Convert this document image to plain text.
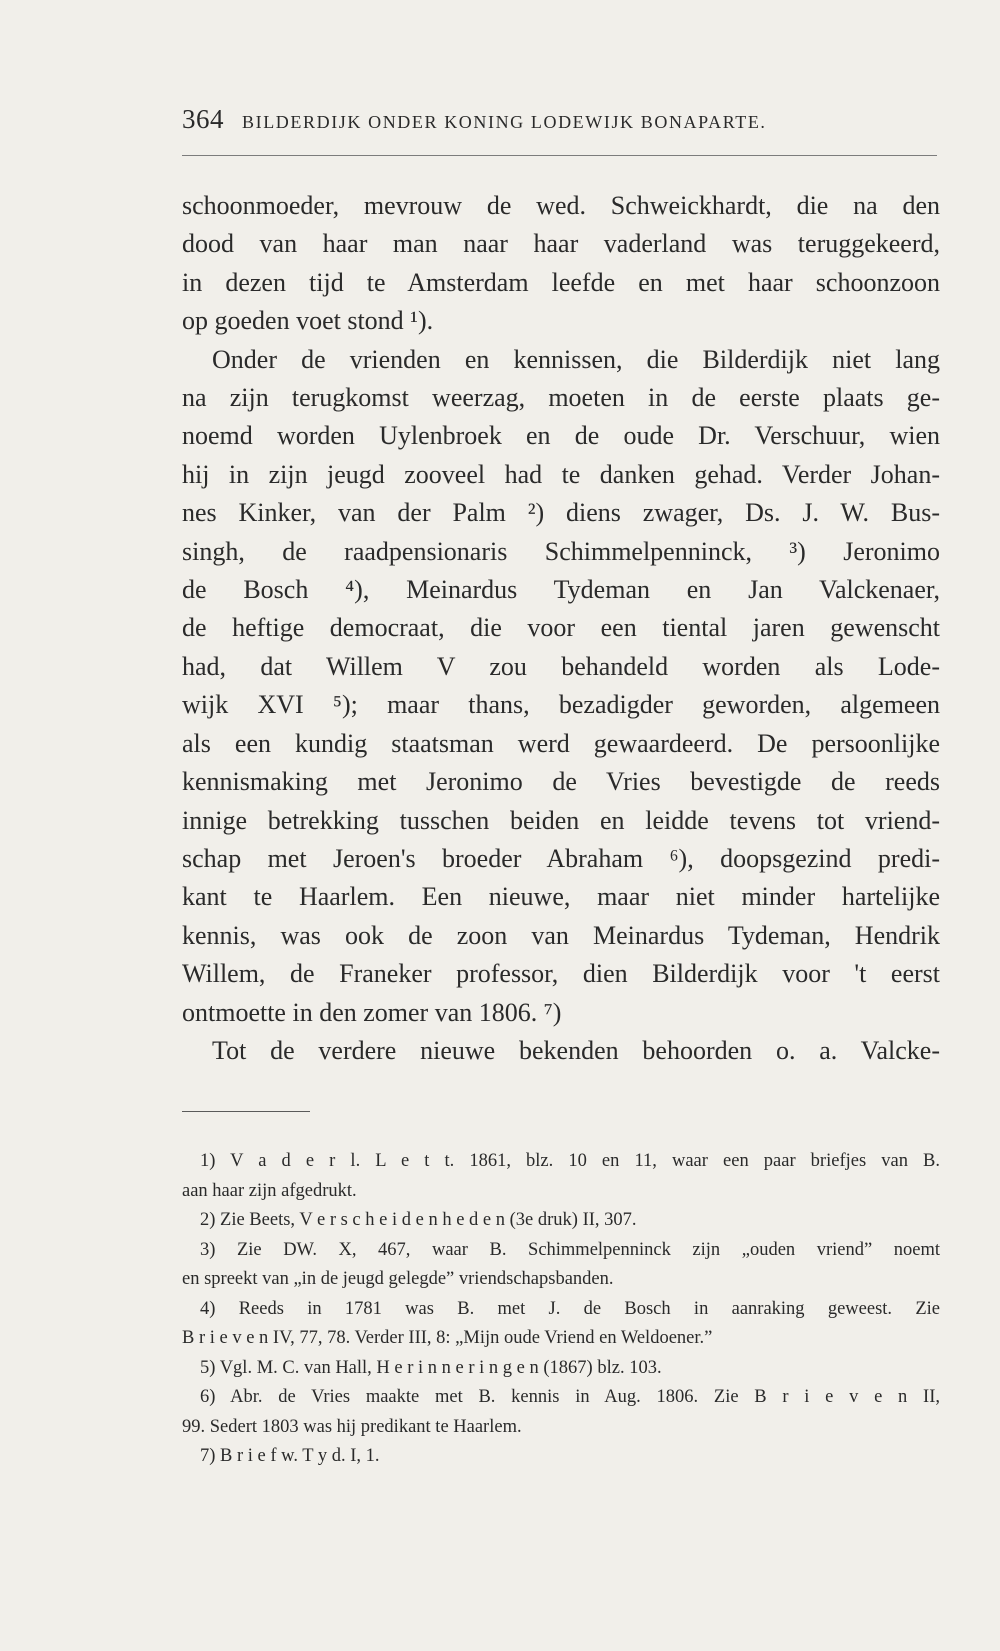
364 BILDERDIJK ONDER KONING LODEWIJK BONAPARTE.

schoonmoeder, mevrouw de wed. Schweickhardt, die na den

dood van haar man naar haar vaderland was teruggekeerd,

in dezen tijd te Amsterdam leefde en met haar schoonzoon

op goeden voet stond ¹).

Onder de vrienden en kennissen, die Bilderdijk niet lang

na zijn terugkomst weerzag, moeten in de eerste plaats ge-

noemd worden Uylenbroek en de oude Dr. Verschuur, wien

hij in zijn jeugd zooveel had te danken gehad. Verder Johan-

nes Kinker, van der Palm ²) diens zwager, Ds. J. W. Bus-

singh, de raadpensionaris Schimmelpenninck, ³) Jeronimo

de Bosch ⁴), Meinardus Tydeman en Jan Valckenaer,

de heftige democraat, die voor een tiental jaren gewenscht

had, dat Willem V zou behandeld worden als Lode-

wijk XVI ⁵); maar thans, bezadigder geworden, algemeen

als een kundig staatsman werd gewaardeerd. De persoonlijke

kennismaking met Jeronimo de Vries bevestigde de reeds

innige betrekking tusschen beiden en leidde tevens tot vriend-

schap met Jeroen's broeder Abraham ⁶), doopsgezind predi-

kant te Haarlem. Een nieuwe, maar niet minder hartelijke

kennis, was ook de zoon van Meinardus Tydeman, Hendrik

Willem, de Franeker professor, dien Bilderdijk voor 't eerst

ontmoette in den zomer van 1806. ⁷)

Tot de verdere nieuwe bekenden behoorden o. a. Valcke-

1) V a d e r l. L e t t. 1861, blz. 10 en 11, waar een paar briefjes van B.

aan haar zijn afgedrukt.

2) Zie Beets, V e r s c h e i d e n h e d e n (3e druk) II, 307.

3) Zie DW. X, 467, waar B. Schimmelpenninck zijn „ouden vriend” noemt

en spreekt van „in de jeugd gelegde” vriendschapsbanden.

4) Reeds in 1781 was B. met J. de Bosch in aanraking geweest. Zie

B r i e v e n IV, 77, 78. Verder III, 8: „Mijn oude Vriend en Weldoener.”

5) Vgl. M. C. van Hall, H e r i n n e r i n g e n (1867) blz. 103.

6) Abr. de Vries maakte met B. kennis in Aug. 1806. Zie B r i e v e n II,

99. Sedert 1803 was hij predikant te Haarlem.

7) B r i e f w. T y d. I, 1.
